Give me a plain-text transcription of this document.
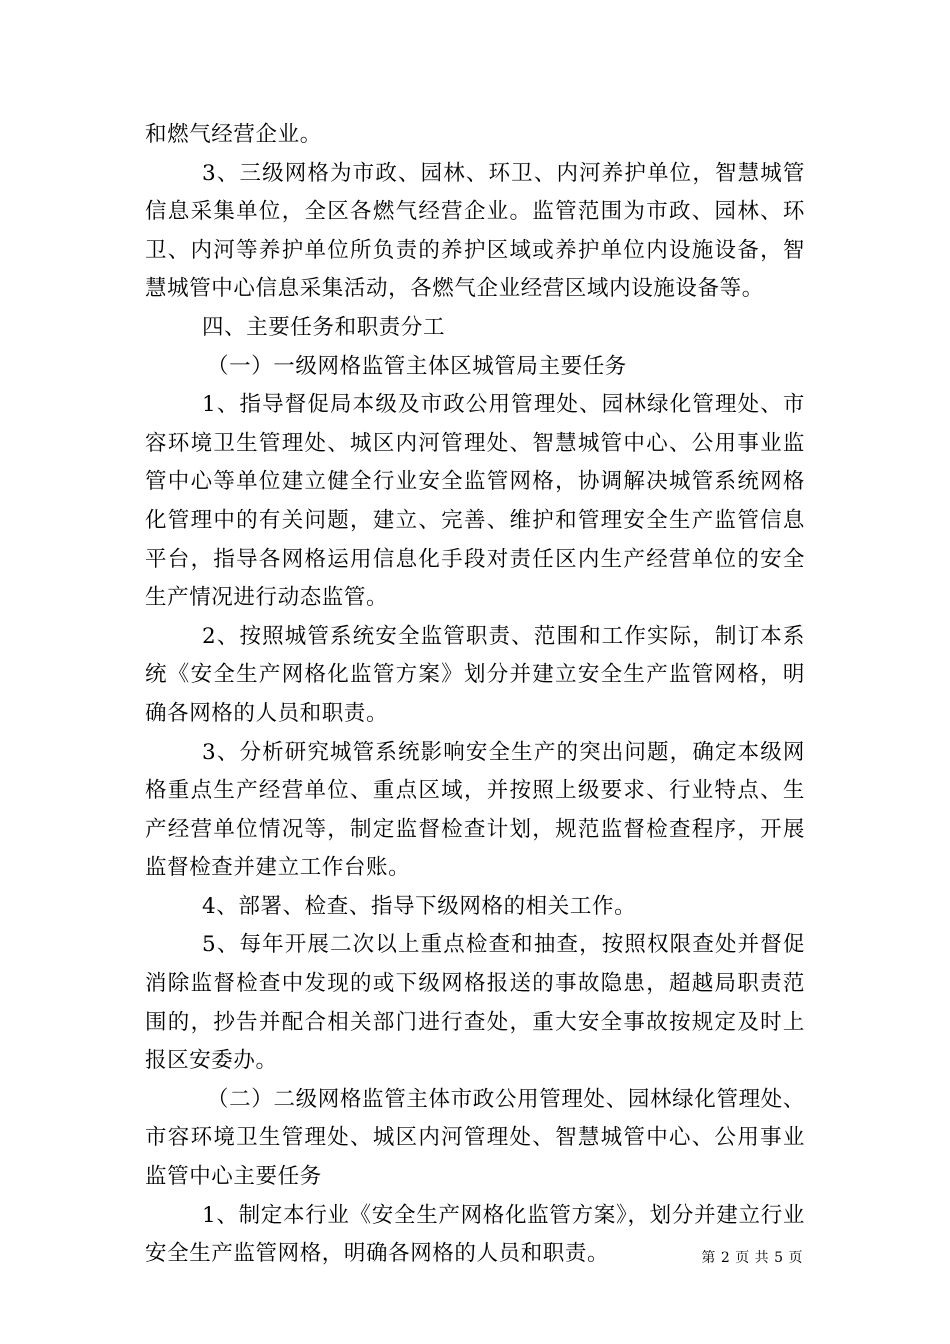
和燃气经营企业。

3、三级网格为市政、园林、环卫、内河养护单位，智慧城管信息采集单位，全区各燃气经营企业。监管范围为市政、园林、环卫、内河等养护单位所负责的养护区域或养护单位内设施设备，智慧城管中心信息采集活动，各燃气企业经营区域内设施设备等。

四、主要任务和职责分工

（一）一级网格监管主体区城管局主要任务

1、指导督促局本级及市政公用管理处、园林绿化管理处、市容环境卫生管理处、城区内河管理处、智慧城管中心、公用事业监管中心等单位建立健全行业安全监管网格，协调解决城管系统网格化管理中的有关问题，建立、完善、维护和管理安全生产监管信息平台，指导各网格运用信息化手段对责任区内生产经营单位的安全生产情况进行动态监管。

2、按照城管系统安全监管职责、范围和工作实际，制订本系统《安全生产网格化监管方案》划分并建立安全生产监管网格，明确各网格的人员和职责。

3、分析研究城管系统影响安全生产的突出问题，确定本级网格重点生产经营单位、重点区域，并按照上级要求、行业特点、生产经营单位情况等，制定监督检查计划，规范监督检查程序，开展监督检查并建立工作台账。

4、部署、检查、指导下级网格的相关工作。

5、每年开展二次以上重点检查和抽查，按照权限查处并督促消除监督检查中发现的或下级网格报送的事故隐患，超越局职责范围的，抄告并配合相关部门进行查处，重大安全事故按规定及时上报区安委办。

（二）二级网格监管主体市政公用管理处、园林绿化管理处、市容环境卫生管理处、城区内河管理处、智慧城管中心、公用事业监管中心主要任务

1、制定本行业《安全生产网格化监管方案》，划分并建立行业安全生产监管网格，明确各网格的人员和职责。	第 2 页 共 5 页
